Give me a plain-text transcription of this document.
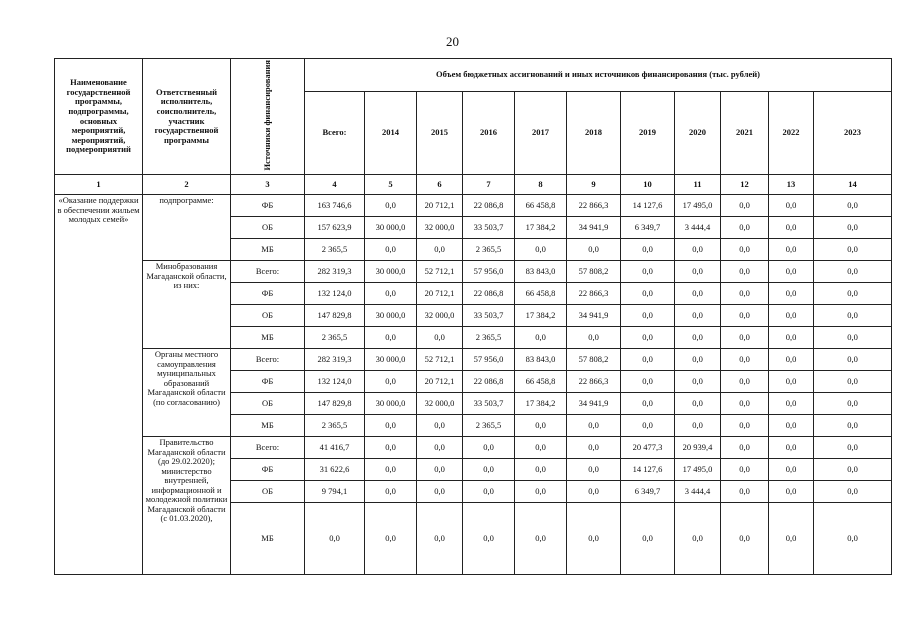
20
Наименование государственной программы, подпрограммы, основных мероприятий, мероприятий, подмероприятий	Ответственный исполнитель, соисполнитель, участник государственной программы	Источники финансирования	Объем бюджетных ассигнований и иных источников финансирования (тыс. рублей)										
			Всего:	2014	2015	2016	2017	2018	2019	2020	2021	2022	2023
1	2	3	4	5	6	7	8	9	10	11	12	13	14
«Оказание поддержки в обеспечении жильем молодых семей»	подпрограмме:	ФБ	163 746,6	0,0	20 712,1	22 086,8	66 458,8	22 866,3	14 127,6	17 495,0	0,0	0,0	0,0
		ОБ	157 623,9	30 000,0	32 000,0	33 503,7	17 384,2	34 941,9	6 349,7	3 444,4	0,0	0,0	0,0
		МБ	2 365,5	0,0	0,0	2 365,5	0,0	0,0	0,0	0,0	0,0	0,0	0,0
	Минобразования Магаданской области, из них:	Всего:	282 319,3	30 000,0	52 712,1	57 956,0	83 843,0	57 808,2	0,0	0,0	0,0	0,0	0,0
		ФБ	132 124,0	0,0	20 712,1	22 086,8	66 458,8	22 866,3	0,0	0,0	0,0	0,0	0,0
		ОБ	147 829,8	30 000,0	32 000,0	33 503,7	17 384,2	34 941,9	0,0	0,0	0,0	0,0	0,0
		МБ	2 365,5	0,0	0,0	2 365,5	0,0	0,0	0,0	0,0	0,0	0,0	0,0
	Органы местного самоуправления муниципальных образований Магаданской области (по согласованию)	Всего:	282 319,3	30 000,0	52 712,1	57 956,0	83 843,0	57 808,2	0,0	0,0	0,0	0,0	0,0
		ФБ	132 124,0	0,0	20 712,1	22 086,8	66 458,8	22 866,3	0,0	0,0	0,0	0,0	0,0
		ОБ	147 829,8	30 000,0	32 000,0	33 503,7	17 384,2	34 941,9	0,0	0,0	0,0	0,0	0,0
		МБ	2 365,5	0,0	0,0	2 365,5	0,0	0,0	0,0	0,0	0,0	0,0	0,0
	Правительство Магаданской области (до 29.02.2020); министерство внутренней, информационной и молодежной политики Магаданской области (с 01.03.2020),	Всего:	41 416,7	0,0	0,0	0,0	0,0	0,0	20 477,3	20 939,4	0,0	0,0	0,0
		ФБ	31 622,6	0,0	0,0	0,0	0,0	0,0	14 127,6	17 495,0	0,0	0,0	0,0
		ОБ	9 794,1	0,0	0,0	0,0	0,0	0,0	6 349,7	3 444,4	0,0	0,0	0,0
		МБ	0,0	0,0	0,0	0,0	0,0	0,0	0,0	0,0	0,0	0,0	0,0
